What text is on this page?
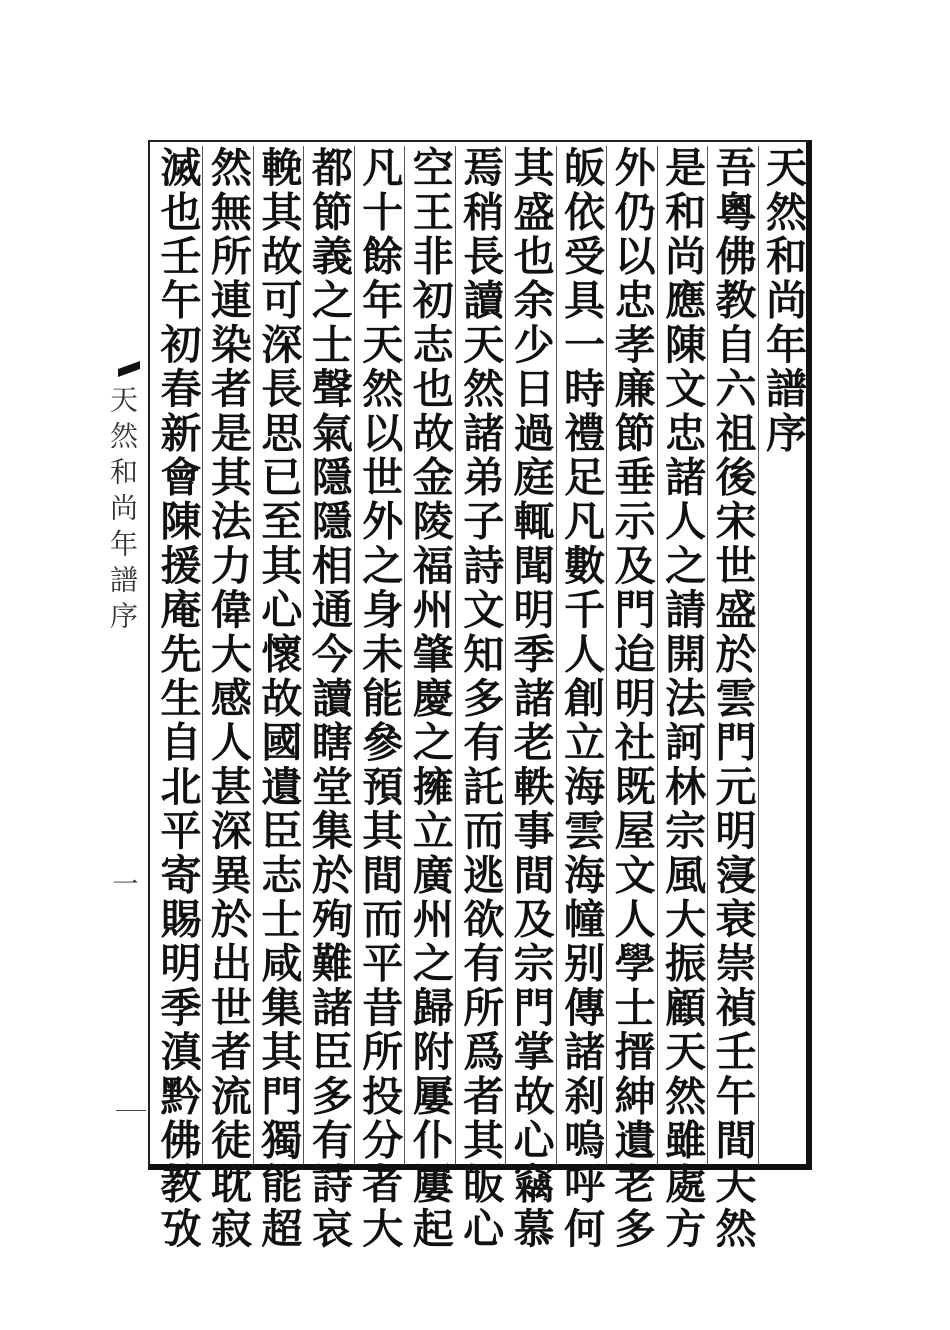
天然和尚年譜序
吾粵佛教自六祖後宋世盛於雲門元明寖衰崇禎壬午間天然
是和尚應陳文忠諸人之請開法訶林宗風大振顧天然雖處方
外仍以忠孝廉節垂示及門迨明社既屋文人學士搢紳遺老多
皈依受具一時禮足凡數千人創立海雲海幢别傳諸刹嗚呼何
其盛也余少日過庭輒聞明季諸老軼事間及宗門掌故心竊慕
焉稍長讀天然諸弟子詩文知多有託而逃欲有所爲者其皈心
空王非初志也故金陵福州肇慶之擁立廣州之歸附屢仆屢起
凡十餘年天然以世外之身未能參預其間而平昔所投分者大
都節義之士聲氣隱隱相通今讀瞎堂集於殉難諸臣多有詩哀
輓其故可深長思已至其心懷故國遺臣志士咸集其門獨能超
然無所連染者是其法力偉大感人甚深異於出世者流徒耽寂
天然和尚年譜序
一 滅也壬午初春新會陳援庵先生自北平寄賜明季滇黔佛教攷
